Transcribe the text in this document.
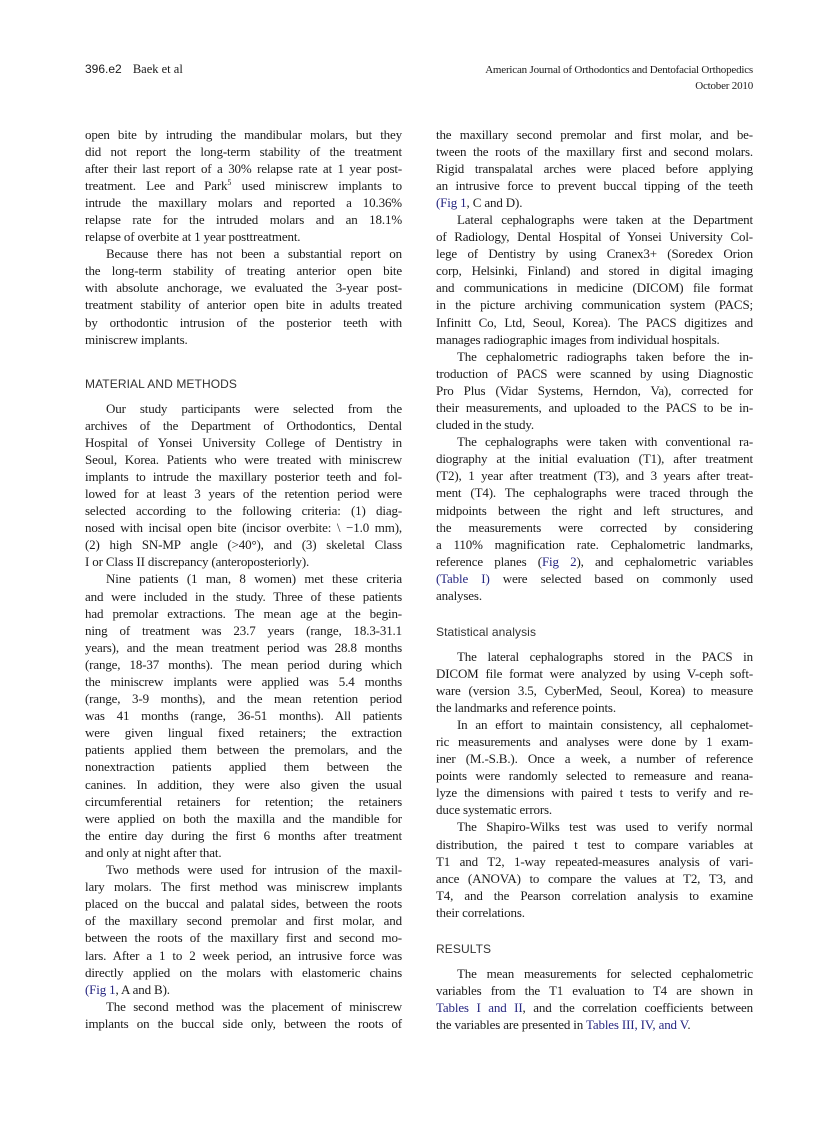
396.e2 Baek et al	American Journal of Orthodontics and Dentofacial Orthopedics
October 2010
open bite by intruding the mandibular molars, but they
did not report the long-term stability of the treatment
after their last report of a 30% relapse rate at 1 year post-
treatment. Lee and Park$^5$ used miniscrew implants to
intrude the maxillary molars and reported a 10.36%
relapse rate for the intruded molars and an 18.1%
relapse of overbite at 1 year posttreatment.
Because there has not been a substantial report on
the long-term stability of treating anterior open bite
with absolute anchorage, we evaluated the 3-year post-
treatment stability of anterior open bite in adults treated
by orthodontic intrusion of the posterior teeth with
miniscrew implants.
MATERIAL AND METHODS
Our study participants were selected from the
archives of the Department of Orthodontics, Dental
Hospital of Yonsei University College of Dentistry in
Seoul, Korea. Patients who were treated with miniscrew
implants to intrude the maxillary posterior teeth and fol-
lowed for at least 3 years of the retention period were
selected according to the following criteria: (1) diag-
nosed with incisal open bite (incisor overbite: \ −1.0 mm),
(2) high SN-MP angle (>40°), and (3) skeletal Class
I or Class II discrepancy (anteroposteriorly).
Nine patients (1 man, 8 women) met these criteria
and were included in the study. Three of these patients
had premolar extractions. The mean age at the begin-
ning of treatment was 23.7 years (range, 18.3-31.1
years), and the mean treatment period was 28.8 months
(range, 18-37 months). The mean period during which
the miniscrew implants were applied was 5.4 months
(range, 3-9 months), and the mean retention period
was 41 months (range, 36-51 months). All patients
were given lingual fixed retainers; the extraction
patients applied them between the premolars, and the
nonextraction patients applied them between the
canines. In addition, they were also given the usual
circumferential retainers for retention; the retainers
were applied on both the maxilla and the mandible for
the entire day during the first 6 months after treatment
and only at night after that.
Two methods were used for intrusion of the maxil-
lary molars. The first method was miniscrew implants
placed on the buccal and palatal sides, between the roots
of the maxillary second premolar and first molar, and
between the roots of the maxillary first and second mo-
lars. After a 1 to 2 week period, an intrusive force was
directly applied on the molars with elastomeric chains
(Fig 1, A and B).
The second method was the placement of miniscrew
implants on the buccal side only, between the roots of
the maxillary second premolar and first molar, and be-
tween the roots of the maxillary first and second molars.
Rigid transpalatal arches were placed before applying
an intrusive force to prevent buccal tipping of the teeth
(Fig 1, C and D).
Lateral cephalographs were taken at the Department
of Radiology, Dental Hospital of Yonsei University Col-
lege of Dentistry by using Cranex3+ (Soredex Orion
corp, Helsinki, Finland) and stored in digital imaging
and communications in medicine (DICOM) file format
in the picture archiving communication system (PACS;
Infinitt Co, Ltd, Seoul, Korea). The PACS digitizes and
manages radiographic images from individual hospitals.
The cephalometric radiographs taken before the in-
troduction of PACS were scanned by using Diagnostic
Pro Plus (Vidar Systems, Herndon, Va), corrected for
their measurements, and uploaded to the PACS to be in-
cluded in the study.
The cephalographs were taken with conventional ra-
diography at the initial evaluation (T1), after treatment
(T2), 1 year after treatment (T3), and 3 years after treat-
ment (T4). The cephalographs were traced through the
midpoints between the right and left structures, and
the measurements were corrected by considering
a 110% magnification rate. Cephalometric landmarks,
reference planes (Fig 2), and cephalometric variables
(Table I) were selected based on commonly used
analyses.
Statistical analysis
The lateral cephalographs stored in the PACS in
DICOM file format were analyzed by using V-ceph soft-
ware (version 3.5, CyberMed, Seoul, Korea) to measure
the landmarks and reference points.
In an effort to maintain consistency, all cephalomet-
ric measurements and analyses were done by 1 exam-
iner (M.-S.B.). Once a week, a number of reference
points were randomly selected to remeasure and reana-
lyze the dimensions with paired t tests to verify and re-
duce systematic errors.
The Shapiro-Wilks test was used to verify normal
distribution, the paired t test to compare variables at
T1 and T2, 1-way repeated-measures analysis of vari-
ance (ANOVA) to compare the values at T2, T3, and
T4, and the Pearson correlation analysis to examine
their correlations.
RESULTS
The mean measurements for selected cephalometric
variables from the T1 evaluation to T4 are shown in
Tables I and II, and the correlation coefficients between
the variables are presented in Tables III, IV, and V.
